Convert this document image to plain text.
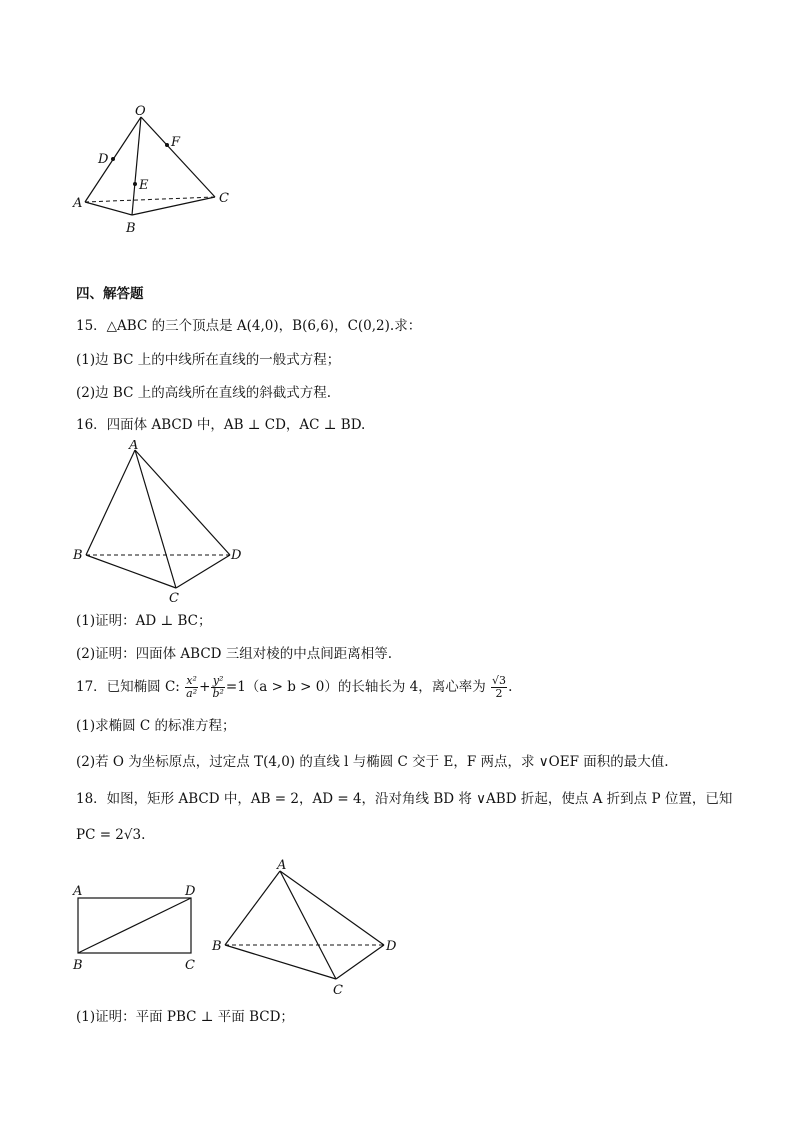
O
F
D
E
A	C
B
四、解答题
15．△ABC 的三个顶点是 A(4,0)，B(6,6)，C(0,2).求：
(1)边 BC 上的中线所在直线的一般式方程；
(2)边 BC 上的高线所在直线的斜截式方程.
16．四面体 ABCD 中，AB ⊥ CD，AC ⊥ BD.
A
B	D
C
(1)证明：AD ⊥ BC；
(2)证明：四面体 ABCD 三组对棱的中点间距离相等.
17．已知椭圆 C: $\frac{\text{x²}}{\text{a²}} + \frac{\text{y²}}{\text{b²}} =1(a > b > 0)$的长轴长为 4，离心率为 $\frac{√3}{2}$ .
(1)求椭圆 C 的标准方程；
(2)若 O 为坐标原点，过定点 T(4,0) 的直线 l 与椭圆 C 交于 E，F 两点，求 ∨OEF 面积的最大值.
18．如图，矩形 ABCD 中，AB = 2，AD = 4，沿对角线 BD 将 ∨ABD 折起，使点 A 折到点 P 位置，已知
PC = 2√3.
A	D
B	C
A
B	D
C
(1)证明：平面 PBC ⊥ 平面 BCD；
